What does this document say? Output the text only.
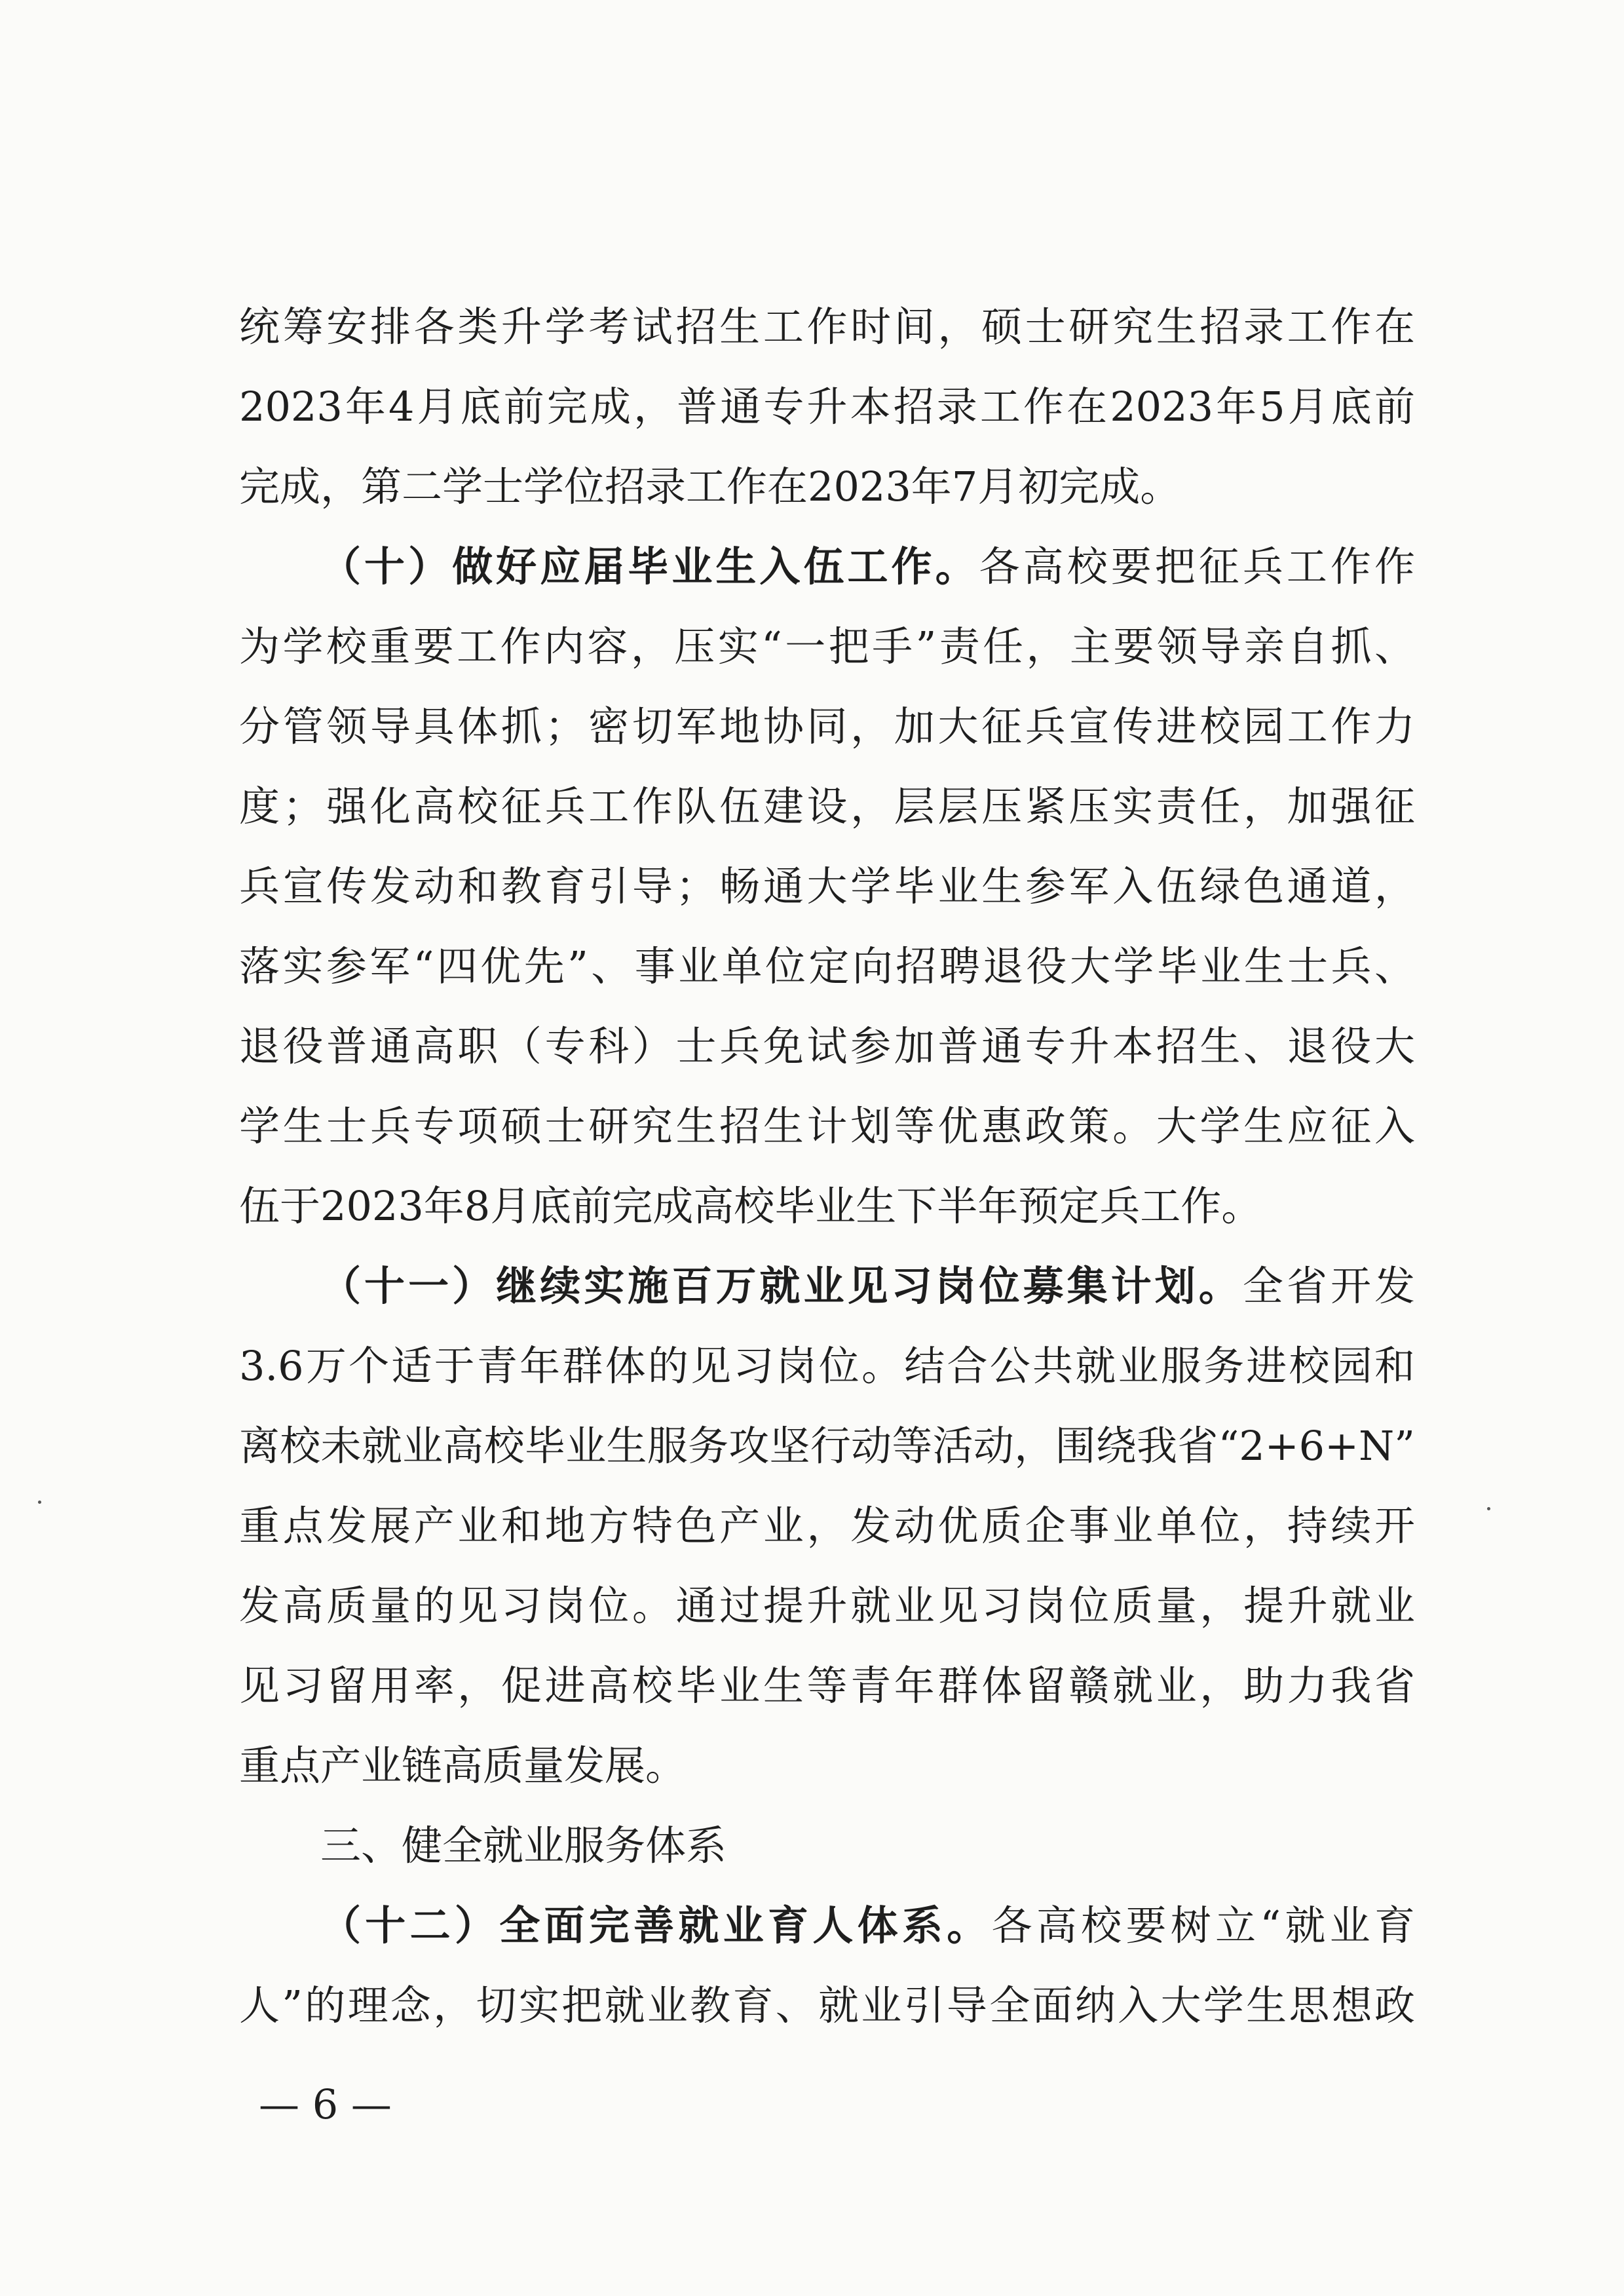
统筹安排各类升学考试招生工作时间，硕士研究生招录工作在
2023年4月底前完成，普通专升本招录工作在2023年5月底前
完成，第二学士学位招录工作在2023年7月初完成。
（十）做好应届毕业生入伍工作。各高校要把征兵工作作
为学校重要工作内容，压实“一把手”责任，主要领导亲自抓、
分管领导具体抓；密切军地协同，加大征兵宣传进校园工作力
度；强化高校征兵工作队伍建设，层层压紧压实责任，加强征
兵宣传发动和教育引导；畅通大学毕业生参军入伍绿色通道，
落实参军“四优先”、事业单位定向招聘退役大学毕业生士兵、
退役普通高职（专科）士兵免试参加普通专升本招生、退役大
学生士兵专项硕士研究生招生计划等优惠政策。大学生应征入
伍于2023年8月底前完成高校毕业生下半年预定兵工作。
（十一）继续实施百万就业见习岗位募集计划。全省开发
3.6万个适于青年群体的见习岗位。结合公共就业服务进校园和
离校未就业高校毕业生服务攻坚行动等活动，围绕我省“2+6+N”
重点发展产业和地方特色产业，发动优质企事业单位，持续开
发高质量的见习岗位。通过提升就业见习岗位质量，提升就业
见习留用率，促进高校毕业生等青年群体留赣就业，助力我省
重点产业链高质量发展。
三、健全就业服务体系
（十二）全面完善就业育人体系。各高校要树立“就业育
人”的理念，切实把就业教育、就业引导全面纳入大学生思想政
— 6 —
